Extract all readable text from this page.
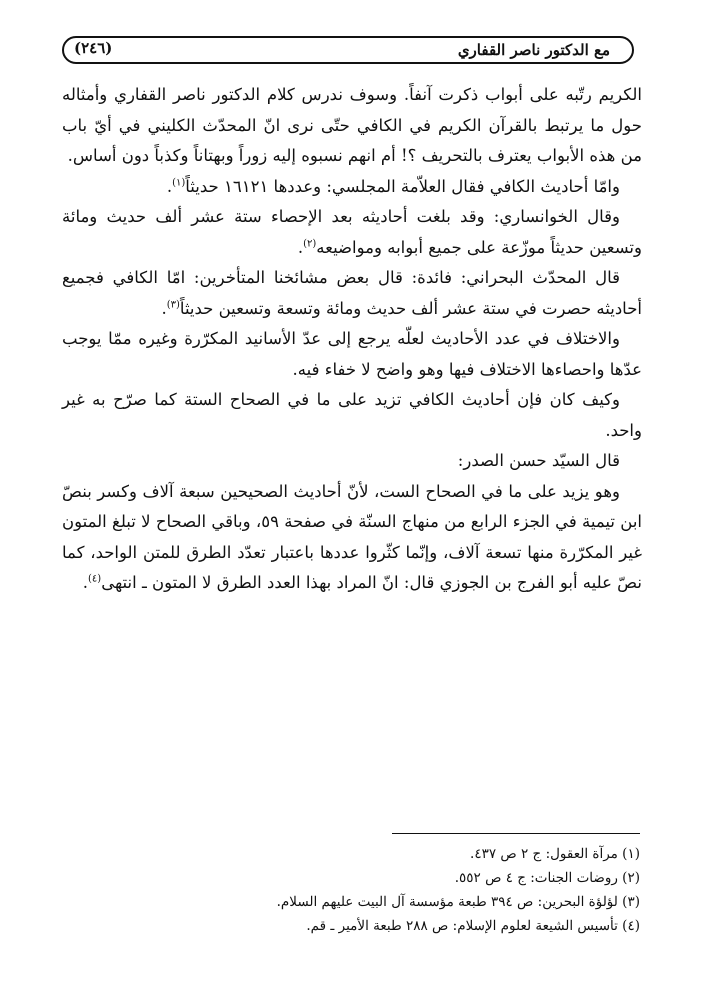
مع الدكتور ناصر القفاري
(٢٤٦)

الكريم رتّبه على أبواب ذكرت آنفاً. وسوف ندرس كلام الدكتور ناصر القفاري وأمثاله حول ما يرتبط بالقرآن الكريم في الكافي حتّى نرى انّ المحدّث الكليني في أيّ باب من هذه الأبواب يعترف بالتحريف ؟! أم انهم نسبوه إليه زوراً وبهتاناً وكذباً دون أساس.

وامّا أحاديث الكافي فقال العلاّمة المجلسي: وعددها ١٦١٢١ حديثاً$^{(١)}$.

وقال الخوانساري: وقد بلغت أحاديثه بعد الإحصاء ستة عشر ألف حديث ومائة وتسعين حديثاً موزّعة على جميع أبوابه ومواضيعه$^{(٢)}$.

قال المحدّث البحراني: فائدة: قال بعض مشائخنا المتأخرين: امّا الكافي فجميع أحاديثه حصرت في ستة عشر ألف حديث ومائة وتسعة وتسعين حديثاً$^{(٣)}$.

والاختلاف في عدد الأحاديث لعلّه يرجع إلى عدّ الأسانيد المكرّرة وغيره ممّا يوجب عدّها واحصاءها الاختلاف فيها وهو واضح لا خفاء فيه.

وكيف كان فإن أحاديث الكافي تزيد على ما في الصحاح الستة كما صرّح به غير واحد.

قال السيّد حسن الصدر:

وهو يزيد على ما في الصحاح الست، لأنّ أحاديث الصحيحين سبعة آلاف وكسر بنصّ ابن تيمية في الجزء الرابع من منهاج السنّة في صفحة ٥٩، وباقي الصحاح لا تبلغ المتون غير المكرّرة منها تسعة آلاف، وإنّما كثّروا عددها باعتبار تعدّد الطرق للمتن الواحد، كما نصّ عليه أبو الفرج بن الجوزي قال: انّ المراد بهذا العدد الطرق لا المتون ـ انتهى$^{(٤)}$.

(١) مرآة العقول: ج ٢ ص ٤٣٧.

(٢) روضات الجنات: ج ٤ ص ٥٥٢.

(٣) لؤلؤة البحرين: ص ٣٩٤ طبعة مؤسسة آل البيت عليهم السلام.

(٤) تأسيس الشيعة لعلوم الإسلام: ص ٢٨٨ طبعة الأمير ـ قم.
